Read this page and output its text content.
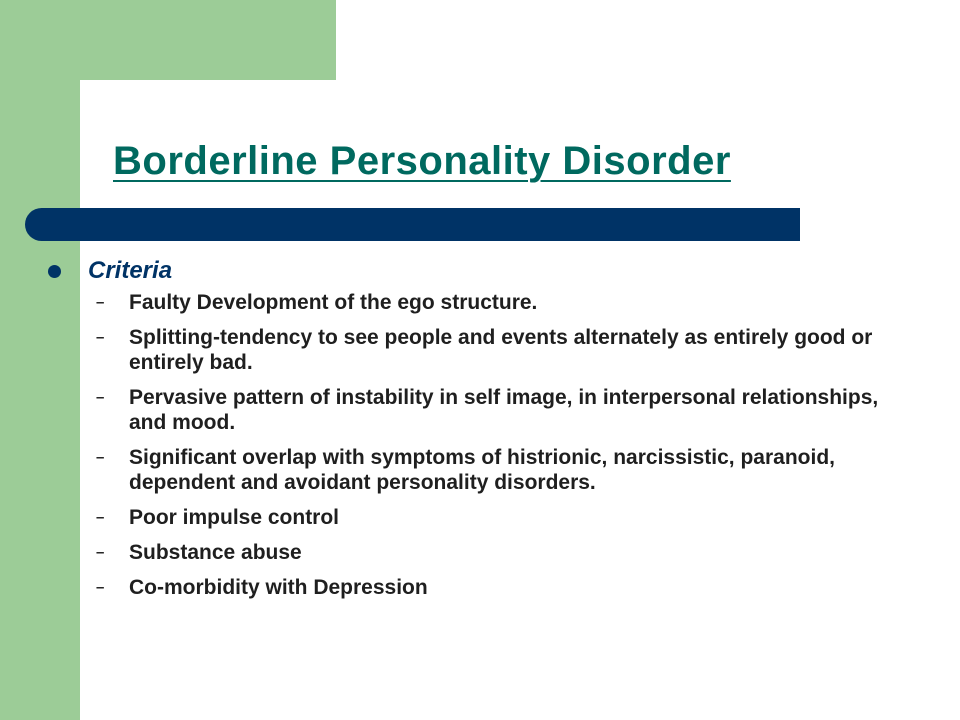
Borderline Personality Disorder
Criteria
– Faulty Development of the ego structure.
– Splitting-tendency to see people and events alternately as entirely good or entirely bad.
– Pervasive pattern of instability in self image, in interpersonal relationships, and mood.
– Significant overlap with symptoms of histrionic, narcissistic, paranoid, dependent and avoidant personality disorders.
– Poor impulse control
– Substance abuse
– Co-morbidity with Depression
